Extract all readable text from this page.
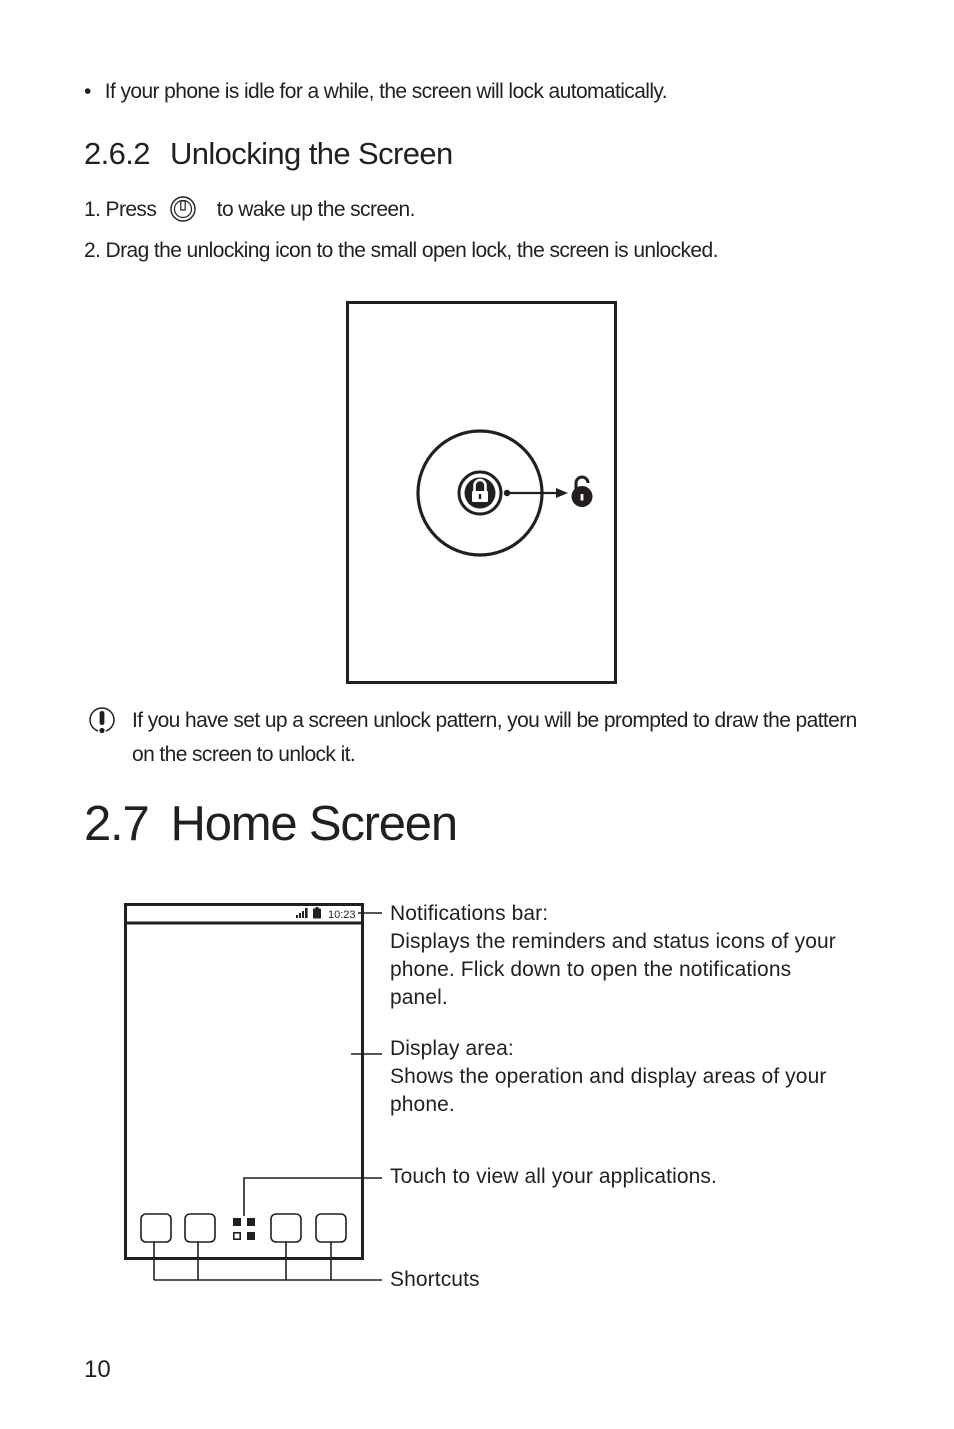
• If your phone is idle for a while, the screen will lock automatically.
2.6.2 Unlocking the Screen
1. Press	to wake up the screen.
2. Drag the unlocking icon to the small open lock, the screen is unlocked.
If you have set up a screen unlock pattern, you will be prompted to draw the pattern on the screen to unlock it.
2.7 Home Screen
10:23 Notifications bar:
Displays the reminders and status icons of your phone. Flick down to open the notifications panel.
Display area:
Shows the operation and display areas of your phone.
Touch to view all your applications.
Shortcuts
10
